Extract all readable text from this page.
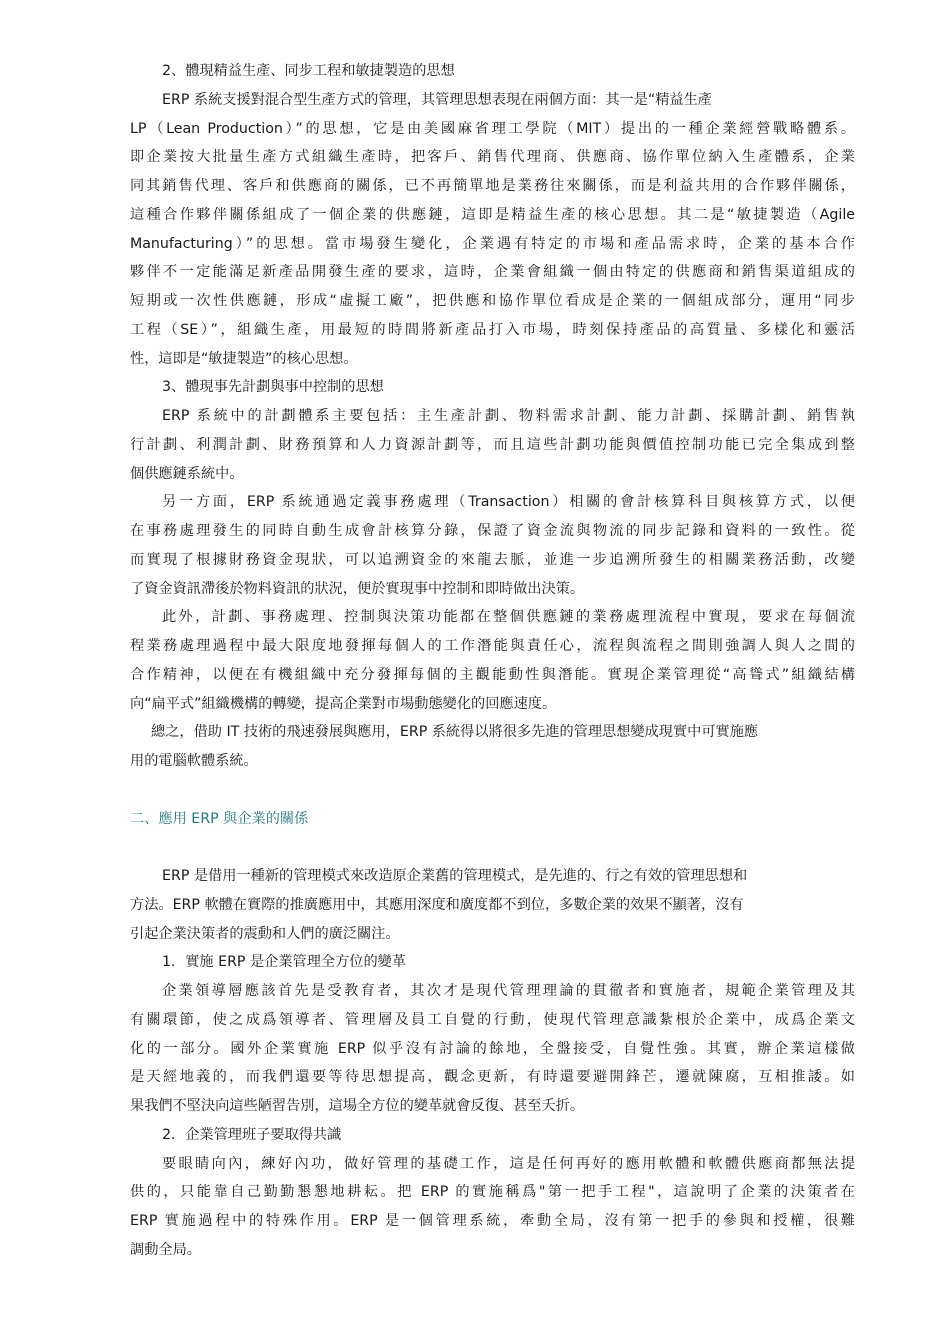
2、體現精益生產、同步工程和敏捷製造的思想
ERP 系統支援對混合型生產方式的管理，其管理思想表現在兩個方面：其一是“精益生產
LP（Lean Production）”的思想，它是由美國麻省理工學院（MIT）提出的一種企業經營戰略體系。
即企業按大批量生產方式組織生產時，把客戶、銷售代理商、供應商、協作單位納入生產體系，企業
同其銷售代理、客戶和供應商的關係，已不再簡單地是業務往來關係，而是利益共用的合作夥伴關係，
這種合作夥伴關係組成了一個企業的供應鏈，這即是精益生產的核心思想。其二是“敏捷製造（Agile
Manufacturing）”的思想。當市場發生變化，企業遇有特定的市場和產品需求時，企業的基本合作
夥伴不一定能滿足新產品開發生產的要求，這時，企業會組織一個由特定的供應商和銷售渠道組成的
短期或一次性供應鏈，形成“虛擬工廠”，把供應和協作單位看成是企業的一個組成部分，運用“同步
工程（SE）”，組織生產，用最短的時間將新產品打入市場，時刻保持產品的高質量、多樣化和靈活
性，這即是“敏捷製造”的核心思想。
3、體現事先計劃與事中控制的思想
ERP 系統中的計劃體系主要包括：主生產計劃、物料需求計劃、能力計劃、採購計劃、銷售執
行計劃、利潤計劃、財務預算和人力資源計劃等，而且這些計劃功能與價值控制功能已完全集成到整
個供應鏈系統中。
另一方面，ERP 系統通過定義事務處理（Transaction）相關的會計核算科目與核算方式，以便
在事務處理發生的同時自動生成會計核算分錄，保證了資金流與物流的同步記錄和資料的一致性。從
而實現了根據財務資金現狀，可以追溯資金的來龍去脈，並進一步追溯所發生的相關業務活動，改變
了資金資訊滯後於物料資訊的狀況，便於實現事中控制和即時做出決策。
此外，計劃、事務處理、控制與決策功能都在整個供應鏈的業務處理流程中實現，要求在每個流
程業務處理過程中最大限度地發揮每個人的工作潛能與責任心，流程與流程之間則強調人與人之間的
合作精神，以便在有機組織中充分發揮每個的主觀能動性與潛能。實現企業管理從“高聳式”組織結構
向“扁平式”組織機構的轉變，提高企業對市場動態變化的回應速度。
總之，借助 IT 技術的飛速發展與應用，ERP 系統得以將很多先進的管理思想變成現實中可實施應
用的電腦軟體系統。
二、應用 ERP 與企業的關係
ERP 是借用一種新的管理模式來改造原企業舊的管理模式，是先進的、行之有效的管理思想和
方法。ERP 軟體在實際的推廣應用中，其應用深度和廣度都不到位，多數企業的效果不顯著，沒有
引起企業決策者的震動和人們的廣泛關注。
1．實施 ERP 是企業管理全方位的變革
企業領導層應該首先是受教育者，其次才是現代管理理論的貫徹者和實施者，規範企業管理及其
有關環節，使之成爲領導者、管理層及員工自覺的行動，使現代管理意識紮根於企業中，成爲企業文
化的一部分。國外企業實施 ERP 似乎沒有討論的餘地，全盤接受，自覺性強。其實，辦企業這樣做
是天經地義的，而我們還要等待思想提高，觀念更新，有時還要避開鋒芒，遷就陳腐，互相推諉。如
果我們不堅決向這些陋習告別，這場全方位的變革就會反復、甚至夭折。
2．企業管理班子要取得共識
要眼睛向內，練好內功，做好管理的基礎工作，這是任何再好的應用軟體和軟體供應商都無法提
供的，只能靠自己勤勤懇懇地耕耘。把 ERP 的實施稱爲"第一把手工程"，這說明了企業的決策者在
ERP 實施過程中的特殊作用。ERP 是一個管理系統，牽動全局，沒有第一把手的參與和授權，很難
調動全局。
